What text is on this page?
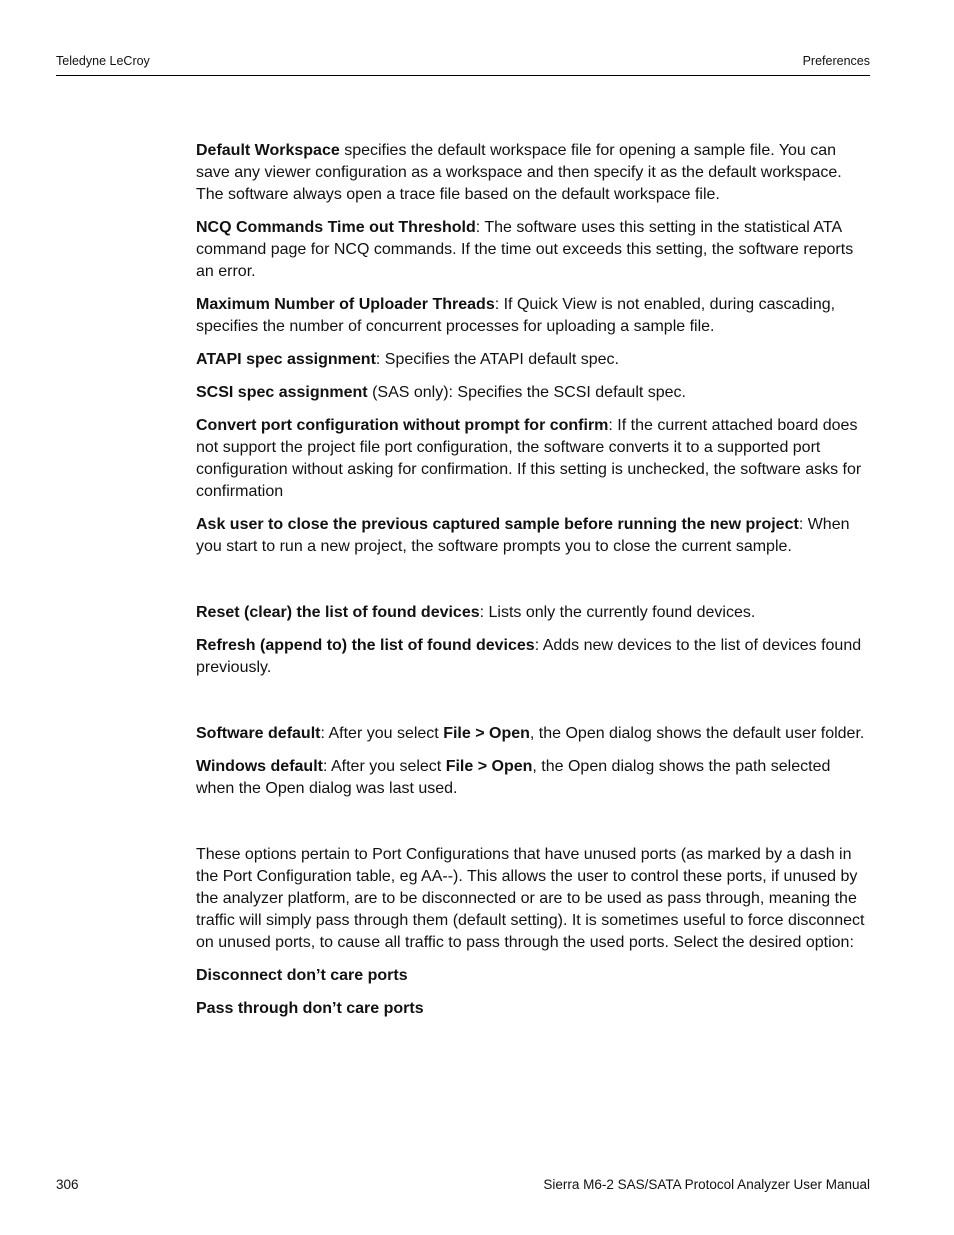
Teledyne LeCroy	Preferences

Default Workspace specifies the default workspace file for opening a sample file. You can save any viewer configuration as a workspace and then specify it as the default workspace. The software always open a trace file based on the default workspace file.

NCQ Commands Time out Threshold: The software uses this setting in the statistical ATA command page for NCQ commands. If the time out exceeds this setting, the software reports an error.

Maximum Number of Uploader Threads: If Quick View is not enabled, during cascading, specifies the number of concurrent processes for uploading a sample file.

ATAPI spec assignment: Specifies the ATAPI default spec.

SCSI spec assignment (SAS only): Specifies the SCSI default spec.

Convert port configuration without prompt for confirm: If the current attached board does not support the project file port configuration, the software converts it to a supported port configuration without asking for confirmation. If this setting is unchecked, the software asks for confirmation

Ask user to close the previous captured sample before running the new project: When you start to run a new project, the software prompts you to close the current sample.

Reset (clear) the list of found devices: Lists only the currently found devices.

Refresh (append to) the list of found devices: Adds new devices to the list of devices found previously.

Software default: After you select File > Open, the Open dialog shows the default user folder.

Windows default: After you select File > Open, the Open dialog shows the path selected when the Open dialog was last used.

These options pertain to Port Configurations that have unused ports (as marked by a dash in the Port Configuration table, eg AA--). This allows the user to control these ports, if unused by the analyzer platform, are to be disconnected or are to be used as pass through, meaning the traffic will simply pass through them (default setting). It is sometimes useful to force disconnect on unused ports, to cause all traffic to pass through the used ports. Select the desired option:

Disconnect don’t care ports

Pass through don’t care ports

306	Sierra M6-2 SAS/SATA Protocol Analyzer User Manual
